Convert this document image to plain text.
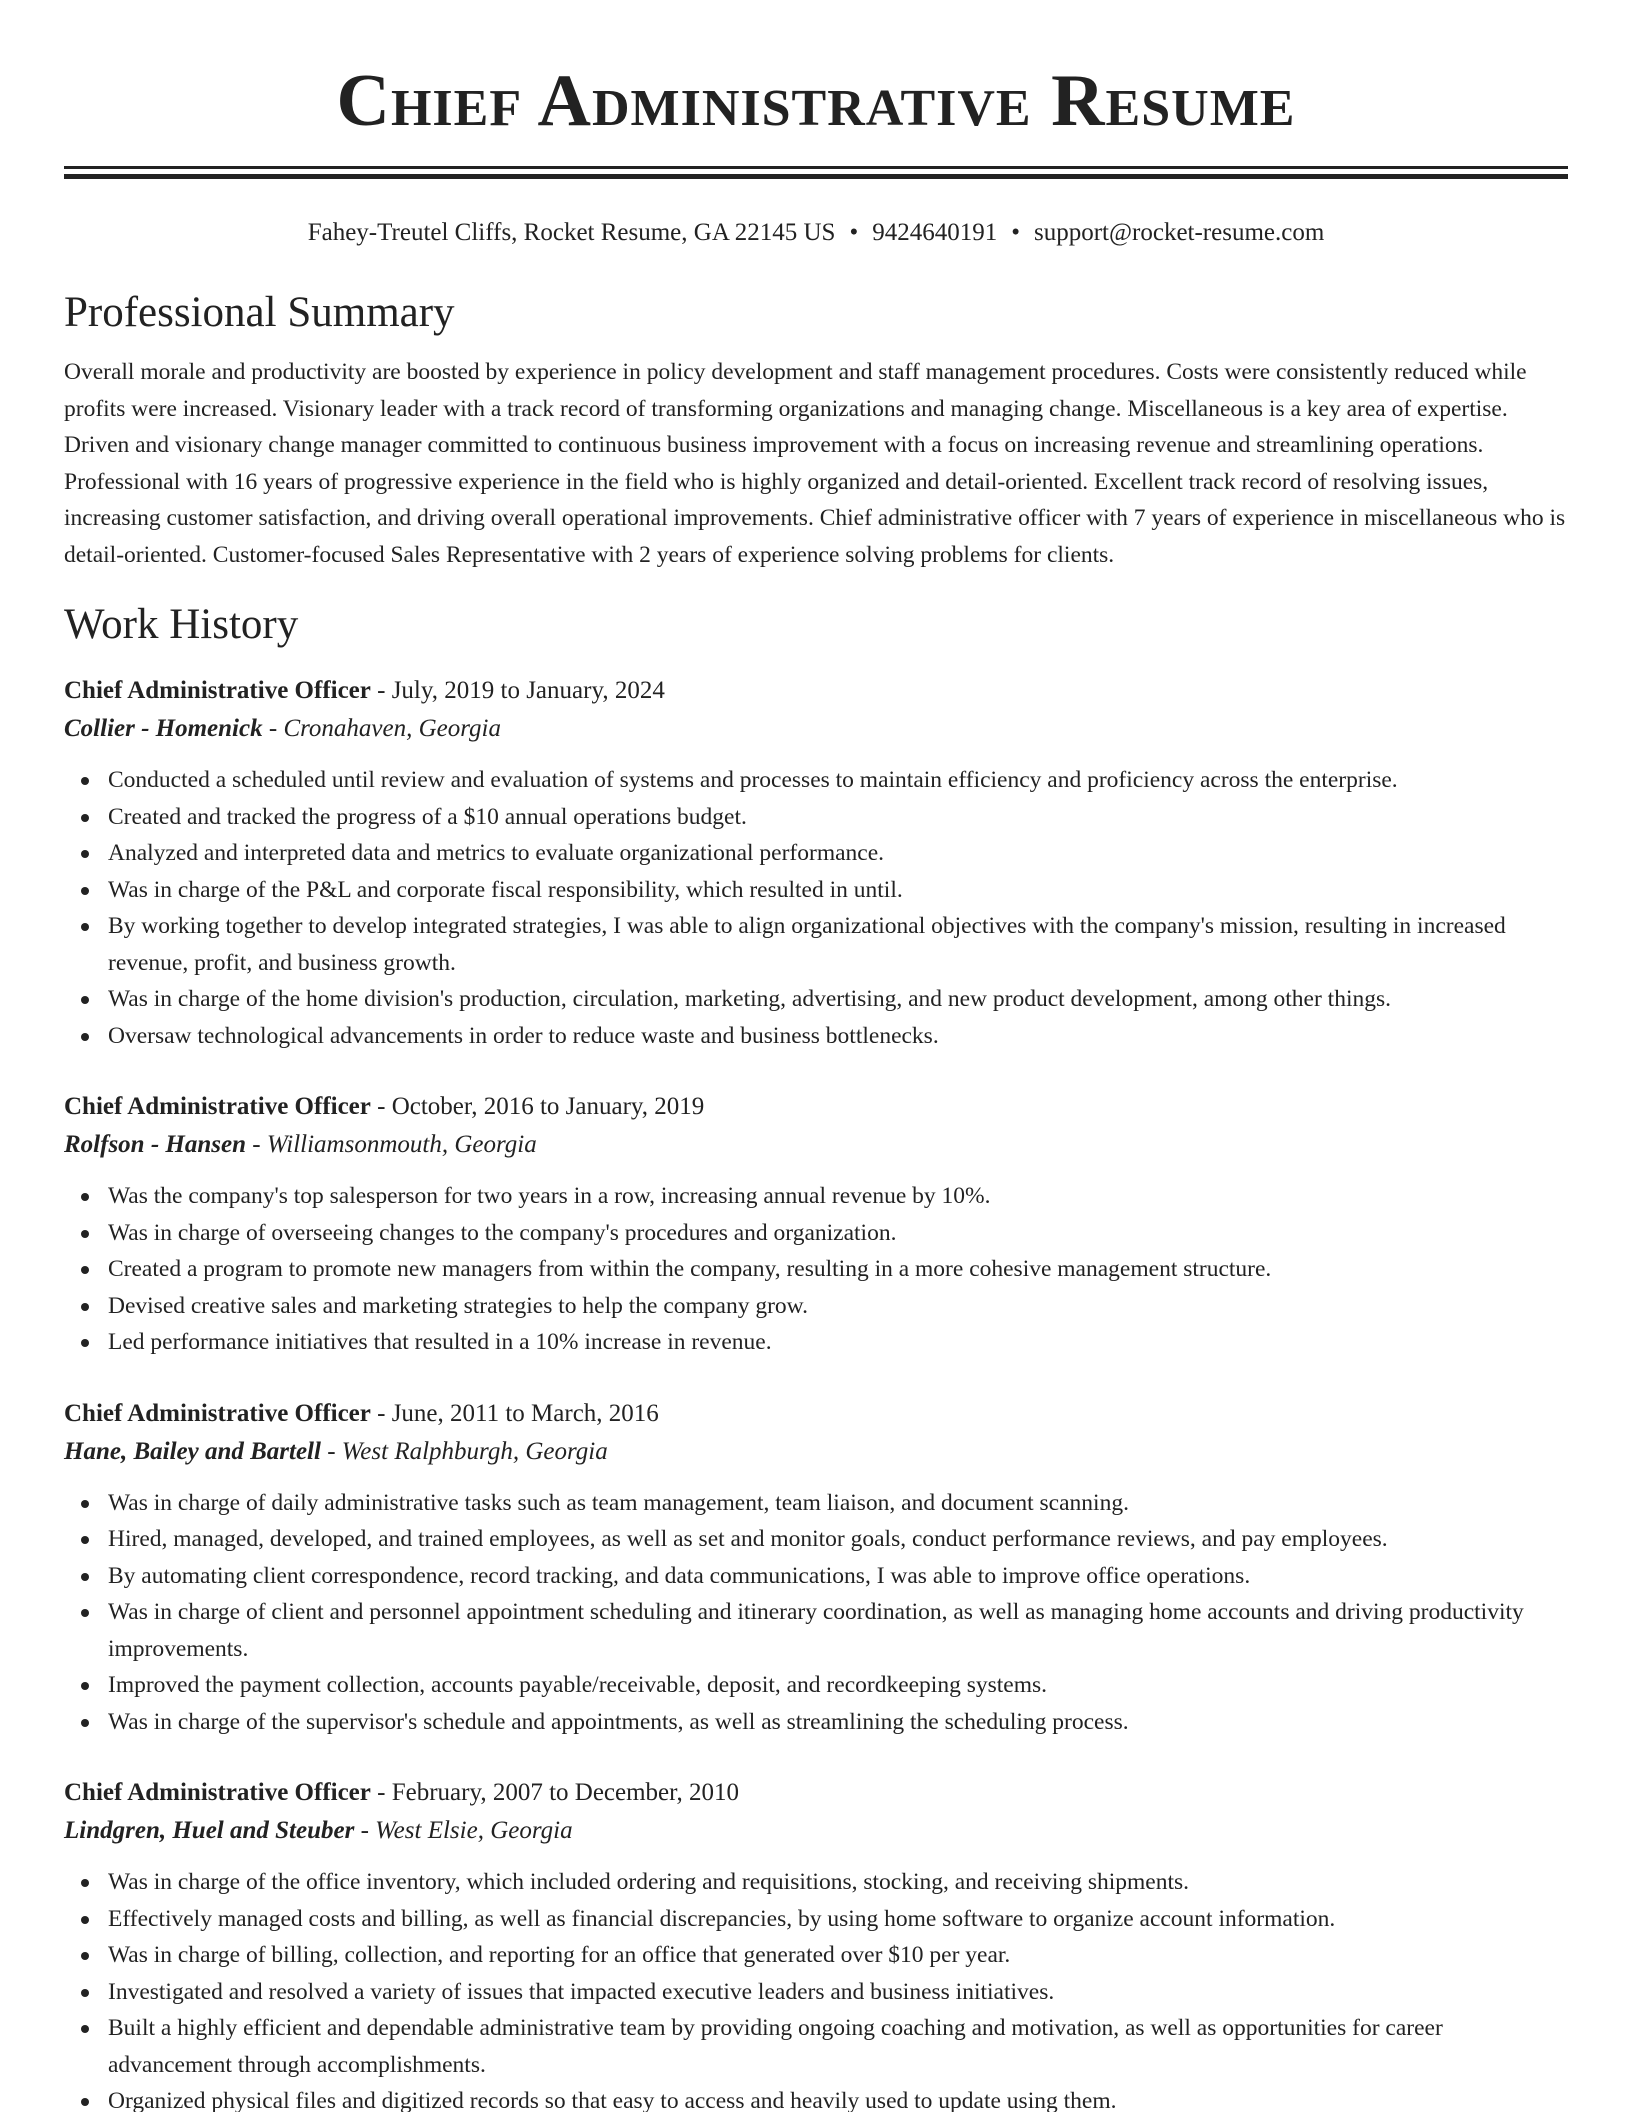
Chief Administrative Resume
Fahey-Treutel Cliffs, Rocket Resume, GA 22145 US • 9424640191 • support@rocket-resume.com
Professional Summary

Overall morale and productivity are boosted by experience in policy development and staff management procedures. Costs were consistently reduced while profits were increased. Visionary leader with a track record of transforming organizations and managing change. Miscellaneous is a key area of expertise. Driven and visionary change manager committed to continuous business improvement with a focus on increasing revenue and streamlining operations. Professional with 16 years of progressive experience in the field who is highly organized and detail-oriented. Excellent track record of resolving issues, increasing customer satisfaction, and driving overall operational improvements. Chief administrative officer with 7 years of experience in miscellaneous who is detail-oriented. Customer-focused Sales Representative with 2 years of experience solving problems for clients.

Work History
Chief Administrative Officer - July, 2019 to January, 2024
Collier - Homenick - Cronahaven, Georgia
Conducted a scheduled until review and evaluation of systems and processes to maintain efficiency and proficiency across the enterprise.
Created and tracked the progress of a $10 annual operations budget.
Analyzed and interpreted data and metrics to evaluate organizational performance.
Was in charge of the P&L and corporate fiscal responsibility, which resulted in until.
By working together to develop integrated strategies, I was able to align organizational objectives with the company's mission, resulting in increased revenue, profit, and business growth.
Was in charge of the home division's production, circulation, marketing, advertising, and new product development, among other things.
Oversaw technological advancements in order to reduce waste and business bottlenecks.
Chief Administrative Officer - October, 2016 to January, 2019
Rolfson - Hansen - Williamsonmouth, Georgia
Was the company's top salesperson for two years in a row, increasing annual revenue by 10%.
Was in charge of overseeing changes to the company's procedures and organization.
Created a program to promote new managers from within the company, resulting in a more cohesive management structure.
Devised creative sales and marketing strategies to help the company grow.
Led performance initiatives that resulted in a 10% increase in revenue.
Chief Administrative Officer - June, 2011 to March, 2016
Hane, Bailey and Bartell - West Ralphburgh, Georgia
Was in charge of daily administrative tasks such as team management, team liaison, and document scanning.
Hired, managed, developed, and trained employees, as well as set and monitor goals, conduct performance reviews, and pay employees.
By automating client correspondence, record tracking, and data communications, I was able to improve office operations.
Was in charge of client and personnel appointment scheduling and itinerary coordination, as well as managing home accounts and driving productivity improvements.
Improved the payment collection, accounts payable/receivable, deposit, and recordkeeping systems.
Was in charge of the supervisor's schedule and appointments, as well as streamlining the scheduling process.
Chief Administrative Officer - February, 2007 to December, 2010
Lindgren, Huel and Steuber - West Elsie, Georgia
Was in charge of the office inventory, which included ordering and requisitions, stocking, and receiving shipments.
Effectively managed costs and billing, as well as financial discrepancies, by using home software to organize account information.
Was in charge of billing, collection, and reporting for an office that generated over $10 per year.
Investigated and resolved a variety of issues that impacted executive leaders and business initiatives.
Built a highly efficient and dependable administrative team by providing ongoing coaching and motivation, as well as opportunities for career advancement through accomplishments.
Organized physical files and digitized records so that easy to access and heavily used to update using them.
